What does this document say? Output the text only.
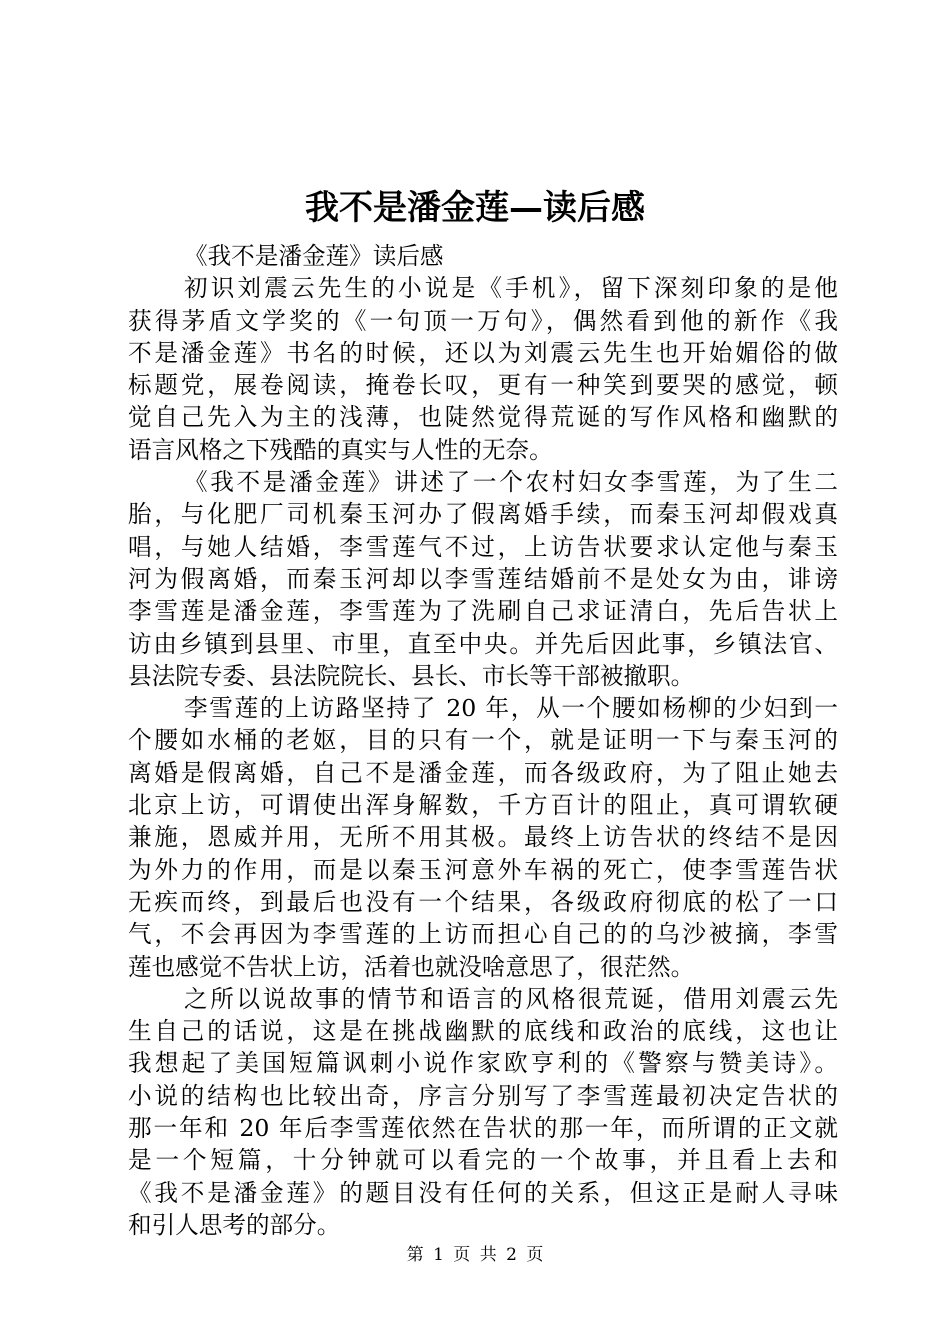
我不是潘金莲—读后感
《我不是潘金莲》读后感
初识刘震云先生的小说是《手机》，留下深刻印象的是他
获得茅盾文学奖的《一句顶一万句》，偶然看到他的新作《我
不是潘金莲》书名的时候，还以为刘震云先生也开始媚俗的做
标题党，展卷阅读，掩卷长叹，更有一种笑到要哭的感觉，顿
觉自己先入为主的浅薄，也陡然觉得荒诞的写作风格和幽默的
语言风格之下残酷的真实与人性的无奈。
《我不是潘金莲》讲述了一个农村妇女李雪莲，为了生二
胎，与化肥厂司机秦玉河办了假离婚手续，而秦玉河却假戏真
唱，与她人结婚，李雪莲气不过，上访告状要求认定他与秦玉
河为假离婚，而秦玉河却以李雪莲结婚前不是处女为由，诽谤
李雪莲是潘金莲，李雪莲为了洗刷自己求证清白，先后告状上
访由乡镇到县里、市里，直至中央。并先后因此事，乡镇法官、
县法院专委、县法院院长、县长、市长等干部被撤职。
李雪莲的上访路坚持了 20 年，从一个腰如杨柳的少妇到一
个腰如水桶的老妪，目的只有一个，就是证明一下与秦玉河的
离婚是假离婚，自己不是潘金莲，而各级政府，为了阻止她去
北京上访，可谓使出浑身解数，千方百计的阻止，真可谓软硬
兼施，恩威并用，无所不用其极。最终上访告状的终结不是因
为外力的作用，而是以秦玉河意外车祸的死亡，使李雪莲告状
无疾而终，到最后也没有一个结果，各级政府彻底的松了一口
气，不会再因为李雪莲的上访而担心自己的的乌沙被摘，李雪
莲也感觉不告状上访，活着也就没啥意思了，很茫然。
之所以说故事的情节和语言的风格很荒诞，借用刘震云先
生自己的话说，这是在挑战幽默的底线和政治的底线，这也让
我想起了美国短篇讽刺小说作家欧亨利的《警察与赞美诗》。
小说的结构也比较出奇，序言分别写了李雪莲最初决定告状的
那一年和 20 年后李雪莲依然在告状的那一年，而所谓的正文就
是一个短篇，十分钟就可以看完的一个故事，并且看上去和
《我不是潘金莲》的题目没有任何的关系，但这正是耐人寻味
和引人思考的部分。
第 1 页 共 2 页
